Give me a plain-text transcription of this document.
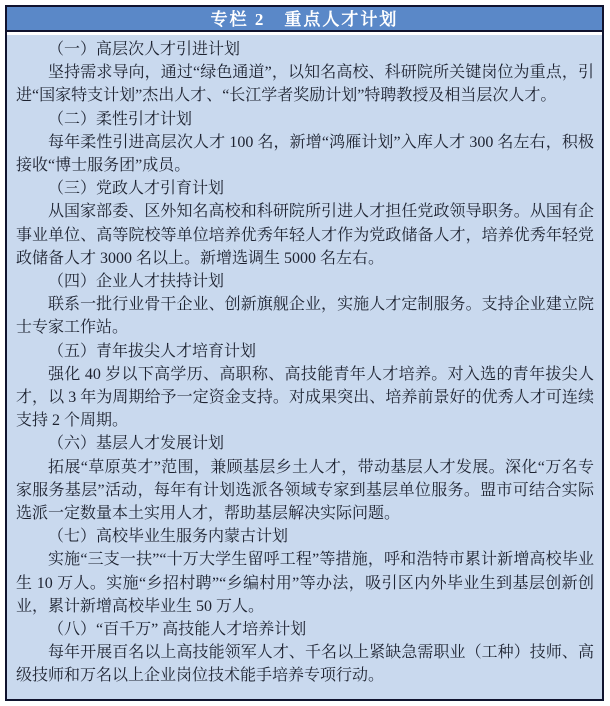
专栏 2　重点人才计划

（一）高层次人才引进计划

坚持需求导向，通过“绿色通道”，以知名高校、科研院所关键岗位为重点，引进“国家特支计划”杰出人才、“长江学者奖励计划”特聘教授及相当层次人才。

（二）柔性引才计划

每年柔性引进高层次人才 100 名，新增“鸿雁计划”入库人才 300 名左右，积极接收“博士服务团”成员。

（三）党政人才引育计划

从国家部委、区外知名高校和科研院所引进人才担任党政领导职务。从国有企事业单位、高等院校等单位培养优秀年轻人才作为党政储备人才，培养优秀年轻党政储备人才 3000 名以上。新增选调生 5000 名左右。

（四）企业人才扶持计划

联系一批行业骨干企业、创新旗舰企业，实施人才定制服务。支持企业建立院士专家工作站。

（五）青年拔尖人才培育计划

强化 40 岁以下高学历、高职称、高技能青年人才培养。对入选的青年拔尖人才，以 3 年为周期给予一定资金支持。对成果突出、培养前景好的优秀人才可连续支持 2 个周期。

（六）基层人才发展计划

拓展“草原英才”范围，兼顾基层乡土人才，带动基层人才发展。深化“万名专家服务基层”活动，每年有计划选派各领域专家到基层单位服务。盟市可结合实际选派一定数量本土实用人才，帮助基层解决实际问题。

（七）高校毕业生服务内蒙古计划

实施“三支一扶”“十万大学生留呼工程”等措施，呼和浩特市累计新增高校毕业生 10 万人。实施“乡招村聘”“乡编村用”等办法，吸引区内外毕业生到基层创新创业，累计新增高校毕业生 50 万人。

（八）“百千万” 高技能人才培养计划

每年开展百名以上高技能领军人才、千名以上紧缺急需职业（工种）技师、高级技师和万名以上企业岗位技术能手培养专项行动。
